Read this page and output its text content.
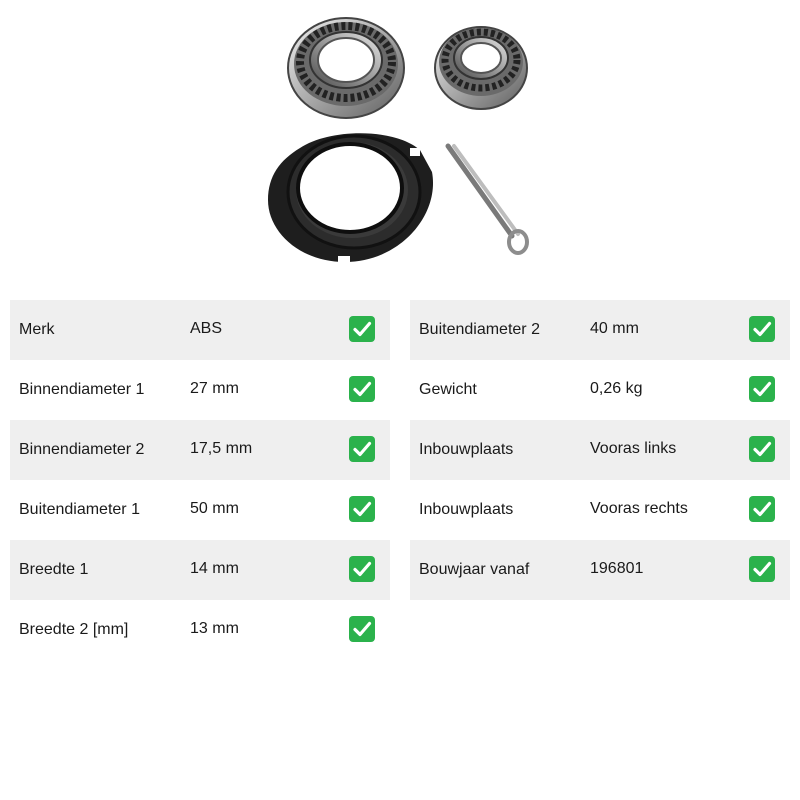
Merk	ABS
Binnendiameter 1	27 mm
Binnendiameter 2	17,5 mm
Buitendiameter 1	50 mm
Breedte 1	14 mm
Breedte 2 [mm]	13 mm
Buitendiameter 2	40 mm
Gewicht	0,26 kg
Inbouwplaats	Vooras links
Inbouwplaats	Vooras rechts
Bouwjaar vanaf	196801
